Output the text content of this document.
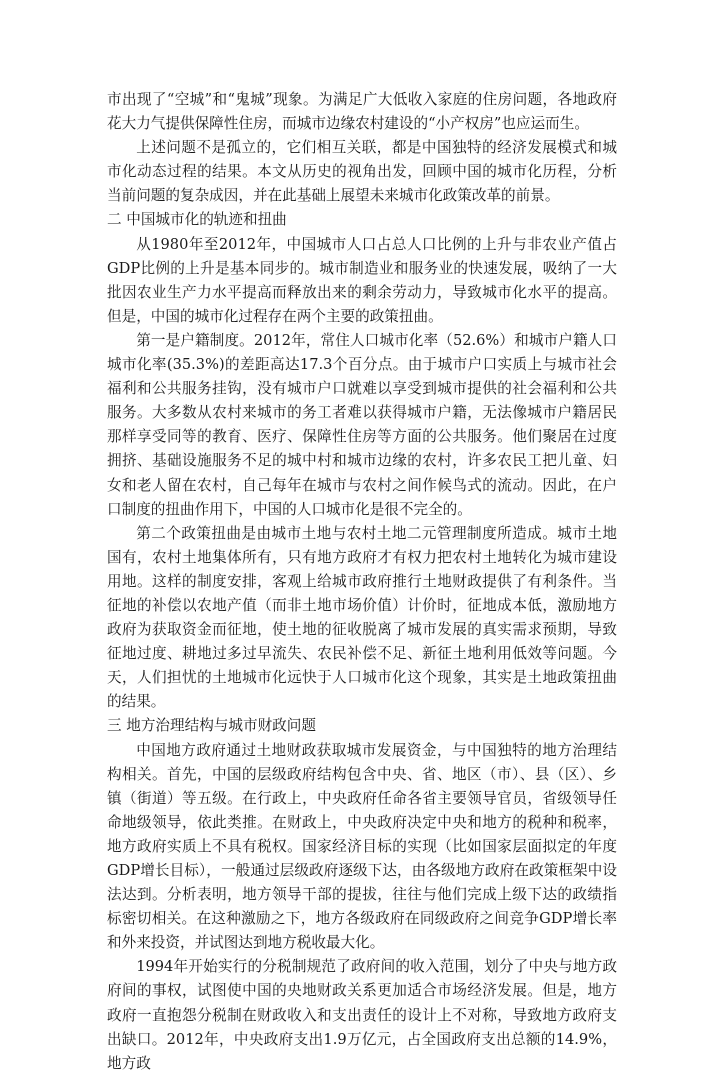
市出现了“空城”和“鬼城”现象。为满足广大低收入家庭的住房问题，各地政府花大力气提供保障性住房，而城市边缘农村建设的“小产权房”也应运而生。

上述问题不是孤立的，它们相互关联，都是中国独特的经济发展模式和城市化动态过程的结果。本文从历史的视角出发，回顾中国的城市化历程，分析当前问题的复杂成因，并在此基础上展望未来城市化政策改革的前景。

二 中国城市化的轨迹和扭曲

从1980年至2012年，中国城市人口占总人口比例的上升与非农业产值占GDP比例的上升是基本同步的。城市制造业和服务业的快速发展，吸纳了一大批因农业生产力水平提高而释放出来的剩余劳动力，导致城市化水平的提高。但是，中国的城市化过程存在两个主要的政策扭曲。

第一是户籍制度。2012年，常住人口城市化率（52.6%）和城市户籍人口城市化率(35.3%)的差距高达17.3个百分点。由于城市户口实质上与城市社会福利和公共服务挂钩，没有城市户口就难以享受到城市提供的社会福利和公共服务。大多数从农村来城市的务工者难以获得城市户籍，无法像城市户籍居民那样享受同等的教育、医疗、保障性住房等方面的公共服务。他们聚居在过度拥挤、基础设施服务不足的城中村和城市边缘的农村，许多农民工把儿童、妇女和老人留在农村，自己每年在城市与农村之间作候鸟式的流动。因此，在户口制度的扭曲作用下，中国的人口城市化是很不完全的。

第二个政策扭曲是由城市土地与农村土地二元管理制度所造成。城市土地国有，农村土地集体所有，只有地方政府才有权力把农村土地转化为城市建设用地。这样的制度安排，客观上给城市政府推行土地财政提供了有利条件。当征地的补偿以农地产值（而非土地市场价值）计价时，征地成本低，激励地方政府为获取资金而征地，使土地的征收脱离了城市发展的真实需求预期，导致征地过度、耕地过多过早流失、农民补偿不足、新征土地利用低效等问题。今天，人们担忧的土地城市化远快于人口城市化这个现象，其实是土地政策扭曲的结果。

三 地方治理结构与城市财政问题

中国地方政府通过土地财政获取城市发展资金，与中国独特的地方治理结构相关。首先，中国的层级政府结构包含中央、省、地区（市）、县（区）、乡镇（街道）等五级。在行政上，中央政府任命各省主要领导官员，省级领导任命地级领导，依此类推。在财政上，中央政府决定中央和地方的税种和税率，地方政府实质上不具有税权。国家经济目标的实现（比如国家层面拟定的年度GDP增长目标），一般通过层级政府逐级下达，由各级地方政府在政策框架中设法达到。分析表明，地方领导干部的提拔，往往与他们完成上级下达的政绩指标密切相关。在这种激励之下，地方各级政府在同级政府之间竞争GDP增长率和外来投资，并试图达到地方税收最大化。

1994年开始实行的分税制规范了政府间的收入范围，划分了中央与地方政府间的事权，试图使中国的央地财政关系更加适合市场经济发展。但是，地方政府一直抱怨分税制在财政收入和支出责任的设计上不对称，导致地方政府支出缺口。2012年，中央政府支出1.9万亿元，占全国政府支出总额的14.9%，地方政
